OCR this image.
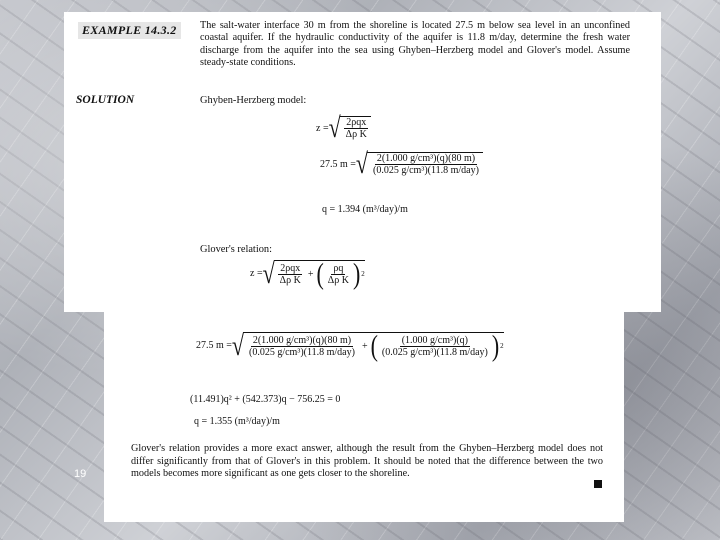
EXAMPLE 14.3.2	The salt-water interface 30 m from the shoreline is located 27.5 m below sea level in an unconfined coastal aquifer. If the hydraulic conductivity of the aquifer is 11.8 m/day, determine the fresh water discharge from the aquifer into the sea using Ghyben–Herzberg model and Glover's model. Assume steady-state conditions.
SOLUTION	Ghyben-Herzberg model:
z = √ $\frac{\text{2ρqx}}{\text{Δρ K}}$
27.5 m = √ $\frac{\text{2(1.000 g/cm³)(q)(80 m)}}{\text{(0.025 g/cm³)(11.8 m/day)}}$
q = 1.394 (m³/day)/m
Glover's relation:
z = √ $\frac{\text{2ρqx}}{\text{Δρ K}}$ + ( $\frac{\rho q}{\text{Δρ K}}$ ) 2
27.5 m = √ $\frac{\text{2(1.000 g/cm³)(q)(80 m)}}{\text{(0.025 g/cm³)(11.8 m/day)}}$ + ( $\frac{\text{(1.000 g/cm³)(q)}}{\text{(0.025 g/cm³)(11.8 m/day)}}$ ) 2
(11.491)q² + (542.373)q − 756.25 = 0
q = 1.355 (m³/day)/m
Glover's relation provides a more exact answer, although the result from the Ghyben–Herzberg model does not differ significantly from that of Glover's in this problem. It should be noted that the difference between the two models becomes more significant as one gets closer to the shoreline.
19
